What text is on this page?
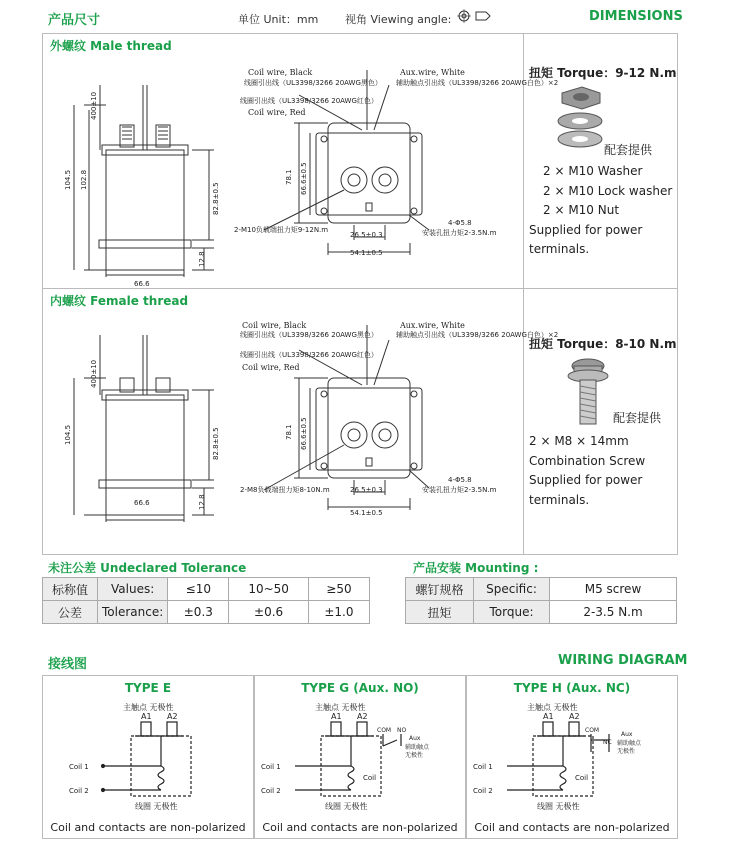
产品尺寸	单位 Unit：mm 视角 Viewing angle:	DIMENSIONS
外螺纹 Male thread
400±10
104.5 102.8
82.8±0.5
12.8
66.6
Coil wire, Black
线圈引出线（UL3398/3266 20AWG黑色）
线圈引出线（UL3398/3266 20AWG红色）
Coil wire, Red
Aux.wire, White
辅助触点引出线（UL3398/3266 20AWG白色）×2
78.1 66.6±0.5
4-Φ5.8
26.5±0.3
54.1±0.5
2-M10负载端扭力矩9-12N.m	安装孔扭力矩2-3.5N.m
扭矩 Torque：9-12 N.m
配套提供
2 × M10 Washer
2 × M10 Lock washer
2 × M10 Nut
Supplied for power
terminals.
内螺纹 Female thread
400±10
104.5	82.8±0.5
12.8
66.6
Coil wire, Black
线圈引出线（UL3398/3266 20AWG黑色）
线圈引出线（UL3398/3266 20AWG红色）
Coil wire, Red
Aux.wire, White
辅助触点引出线（UL3398/3266 20AWG白色）×2
78.1 66.6±0.5
4-Φ5.8
26.5±0.3
54.1±0.5
2-M8负载端扭力矩8-10N.m	安装孔扭力矩2-3.5N.m
扭矩 Torque：8-10 N.m
配套提供
2 × M8 × 14mm
Combination Screw
Supplied for power
terminals.
未注公差 Undeclared Tolerance
标称值	Values:	≤10	10~50	≥50
公差	Tolerance:	±0.3	±0.6	±1.0
产品安装 Mounting :
螺钉规格	Specific:	M5 screw
扭矩	Torque:	2-3.5 N.m
接线图	WIRING DIAGRAM
TYPE E
主触点 无极性
A1 A2
Coil 1
Coil 2
线圈 无极性
Coil and contacts are non-polarized
TYPE G (Aux. NO)
主触点 无极性
A1 A2
COM NO
Aux
辅助触点
无极性
Coil
Coil 1
Coil 2
线圈 无极性
Coil and contacts are non-polarized
TYPE H (Aux. NC)
主触点 无极性
A1 A2
COM
NC
Aux
辅助触点
无极性
Coil
Coil 1
Coil 2
线圈 无极性
Coil and contacts are non-polarized
